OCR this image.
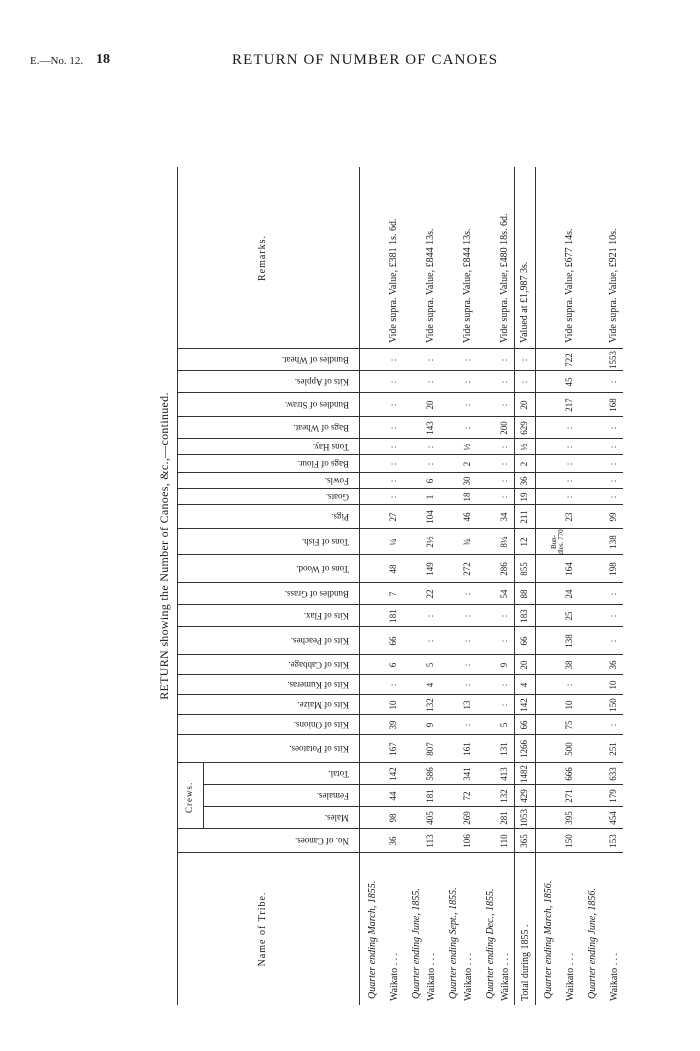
E.—No. 12. 18	RETURN OF NUMBER OF CANOES
RETURN showing the Number of Canoes, &c.,—continued.
Crews.
Name of Tribe.
No. of Canoes.
Males.
Females.
Total.
Kits of Potatoes.
Kits of Onions.
Kits of Maize.
Kits of Kumeras.
Kits of Cabbage.
Kits of Peaches.
Kits of Flax.
Bundles of Grass.
Tons of Wood.
Tons of Fish.
Pigs.
Goats.
Fowls.
Bags of Flour.
Tons Hay.
Bags of Wheat.
Bundles of Straw.
Kits of Apples.
Bundles of Wheat.
Remarks.
Quarter ending March, 1855. Waikato . . .
36
98
44
142
167
39
10
:
6
66
181
7
48
¼
27
:
:
:
:
:
:
:
:
Vide supra. Value, £381 1s. 6d.
Quarter ending June, 1855. Waikato . . .
113
405
181
586
807
9
132
4
5
:
:
22
149
2½
104
1
6
:
:
143
20
:
:
Vide supra. Value, £844 13s.
Quarter ending Sept., 1855. Waikato . . .
106
269
72
341
161
:
13
:
:
:
:
:
272
¾
46
18
30
2
½
:
:
:
:
Vide supra. Value, £844 13s.
Quarter ending Dec., 1855. Waikato . . .
110
281
132
413
131
5
:
:
9
:
:
54
286
8¼
34
:
:
:
:
200
:
:
:
Vide supra. Value, £480 18s. 6d.
Total during 1855 .
365
1053
429
1482
1266
66
142
4
20
66
183
88
855
12
211
19
36
2
½
629
20
:
:
Valued at £1,987 3s.
Quarter ending March, 1856. Waikato . . .
150
395
271
666
500
75
10
:
38
138
25
24
164
Bun- dles. 770
23
:
:
:
:
:
217
45
722
Vide supra. Value, £677 14s.
Quarter ending June, 1856. Waikato . . .
153
454
179
633
251
:
150
10
36
:
:
:
198
138
99
:
:
:
:
:
168
:
1553
Vide supra. Value, £921 10s.
